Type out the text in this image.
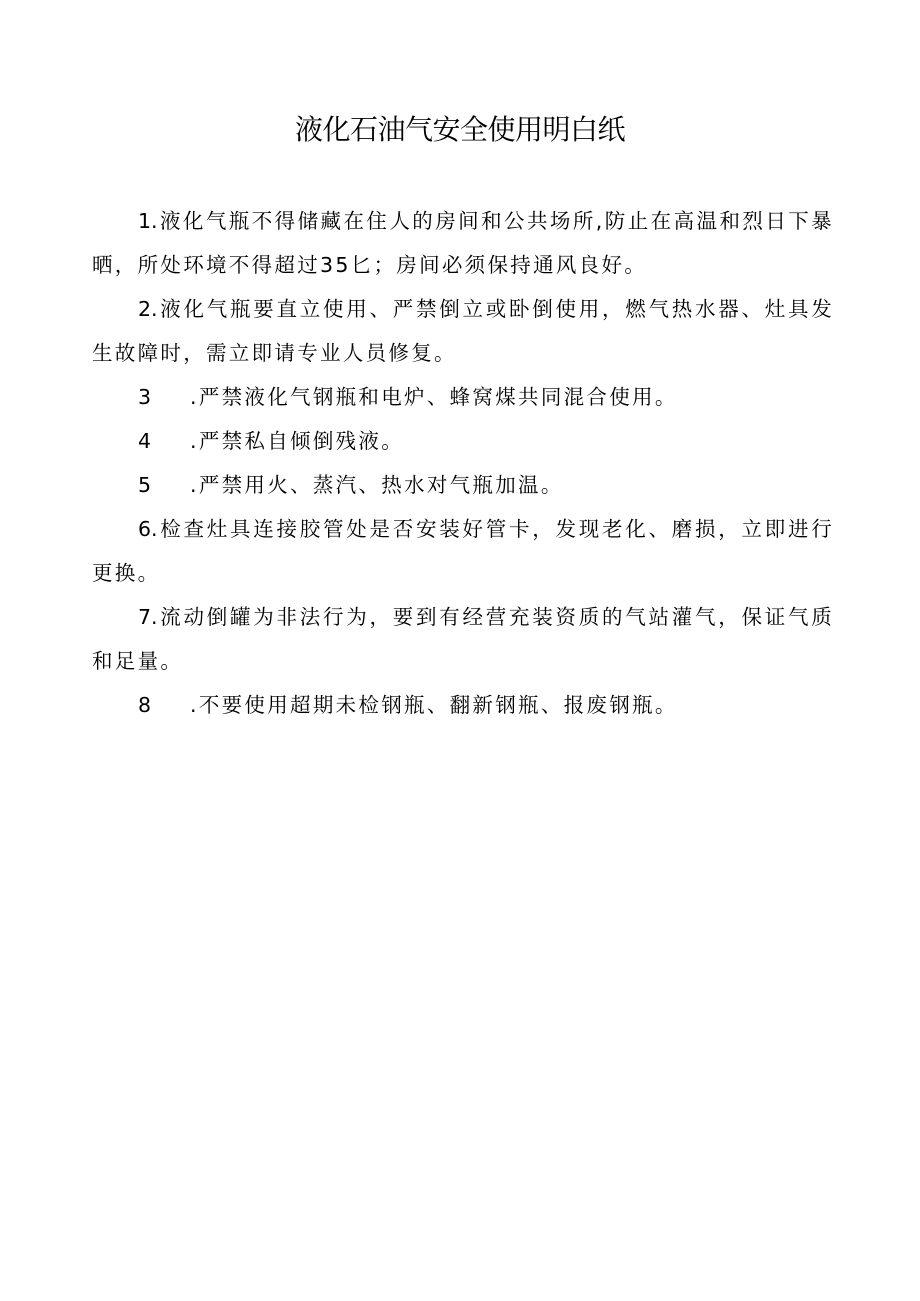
液化石油气安全使用明白纸

1.液化气瓶不得储藏在住人的房间和公共场所,防止在高温和烈日下暴晒，所处环境不得超过35匕；房间必须保持通风良好。

2.液化气瓶要直立使用、严禁倒立或卧倒使用，燃气热水器、灶具发生故障时，需立即请专业人员修复。

3 .严禁液化气钢瓶和电炉、蜂窝煤共同混合使用。

4 .严禁私自倾倒残液。

5 .严禁用火、蒸汽、热水对气瓶加温。

6.检查灶具连接胶管处是否安装好管卡，发现老化、磨损，立即进行更换。

7.流动倒罐为非法行为，要到有经营充装资质的气站灌气，保证气质和足量。

8 .不要使用超期未检钢瓶、翻新钢瓶、报废钢瓶。
